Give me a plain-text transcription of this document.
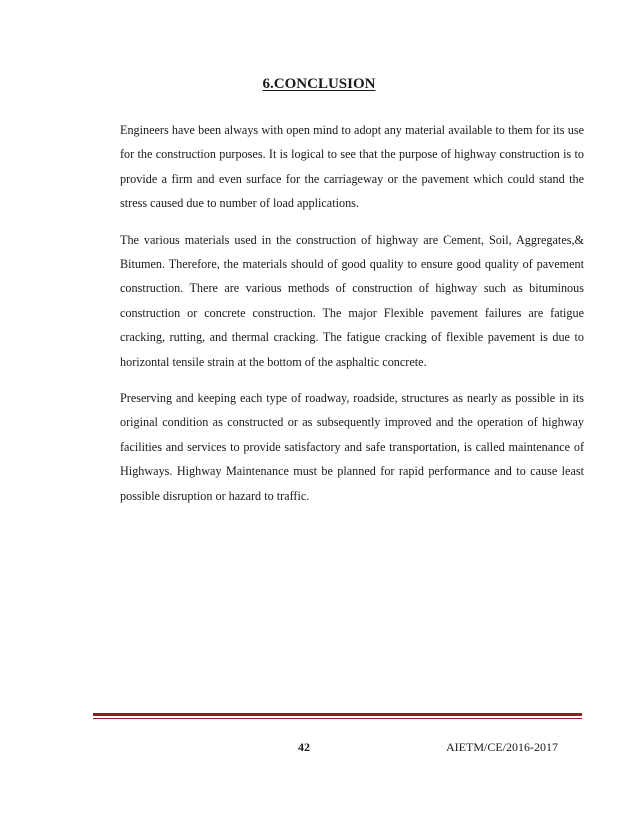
6.CONCLUSION

Engineers have been always with open mind to adopt any material available to them for its use for the construction purposes. It is logical to see that the purpose of highway construction is to provide a firm and even surface for the carriageway or the pavement which could stand the stress caused due to number of load applications.

The various materials used in the construction of highway are Cement, Soil, Aggregates,& Bitumen. Therefore, the materials should of good quality to ensure good quality of pavement construction. There are various methods of construction of highway such as bituminous construction or concrete construction. The major Flexible pavement failures are fatigue cracking, rutting, and thermal cracking. The fatigue cracking of flexible pavement is due to horizontal tensile strain at the bottom of the asphaltic concrete.

Preserving and keeping each type of roadway, roadside, structures as nearly as possible in its original condition as constructed or as subsequently improved and the operation of highway facilities and services to provide satisfactory and safe transportation, is called maintenance of Highways. Highway Maintenance must be planned for rapid performance and to cause least possible disruption or hazard to traffic.

42	AIETM/CE/2016-2017
